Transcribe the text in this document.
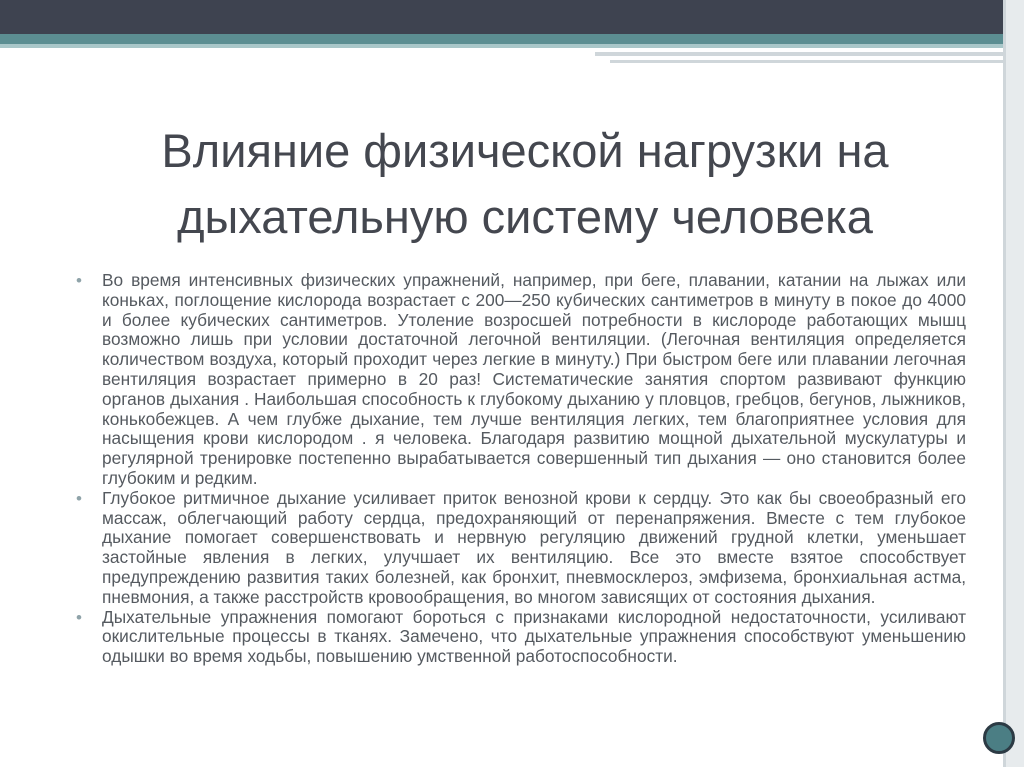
Влияние физической нагрузки на дыхательную систему человека
• Во время интенсивных физических упражнений, например, при беге, плавании, катании на лыжах или коньках, поглощение кислорода возрастает с 200—250 кубических сантиметров в минуту в покое до 4000 и более кубических сантиметров. Утоление возросшей потребности в кислороде работающих мышц возможно лишь при условии достаточной легочной вентиляции. (Легочная вентиляция определяется количеством воздуха, который проходит через легкие в минуту.) При быстром беге или плавании легочная вентиляция возрастает примерно в 20 раз! Систематические занятия спортом развивают функцию органов дыхания . Наибольшая способность к глубокому дыханию у пловцов, гребцов, бегунов, лыжников, конькобежцев. А чем глубже дыхание, тем лучше вентиляция легких, тем благоприятнее условия для насыщения крови кислородом . я человека. Благодаря развитию мощной дыхательной мускулатуры и регулярной тренировке постепенно вырабатывается совершенный тип дыхания — оно становится более глубоким и редким.
• Глубокое ритмичное дыхание усиливает приток венозной крови к сердцу. Это как бы своеобразный его массаж, облегчающий работу сердца, предохраняющий от перенапряжения. Вместе с тем глубокое дыхание помогает совершенствовать и нервную регуляцию движений грудной клетки, уменьшает застойные явления в легких, улучшает их вентиляцию. Все это вместе взятое способствует предупреждению развития таких болезней, как бронхит, пневмосклероз, эмфизема, бронхиальная астма, пневмония, а также расстройств кровообращения, во многом зависящих от состояния дыхания.
• Дыхательные упражнения помогают бороться с признаками кислородной недостаточности, усиливают окислительные процессы в тканях. Замечено, что дыхательные упражнения способствуют уменьшению одышки во время ходьбы, повышению умственной работоспособности.
